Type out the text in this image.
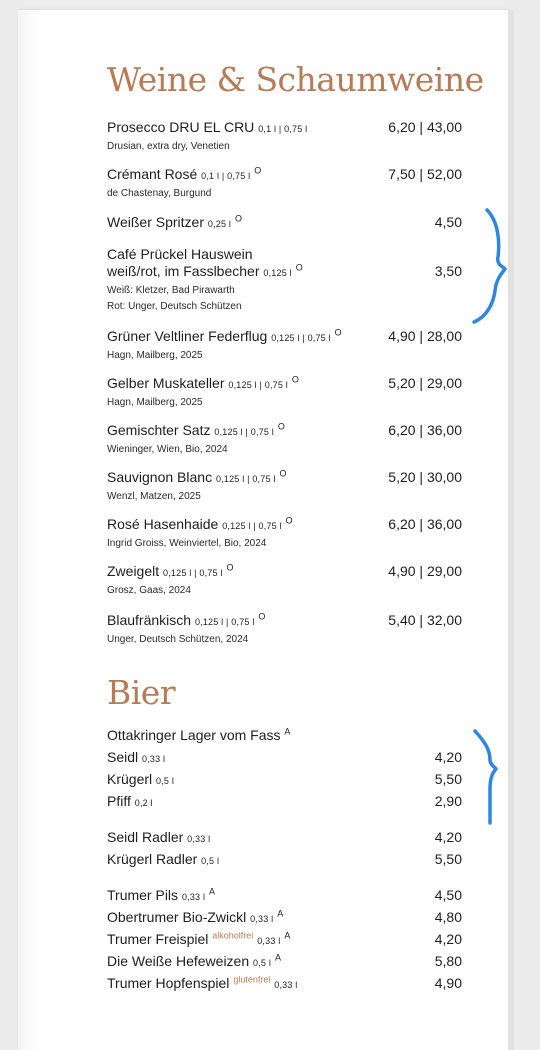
Weine & Schaumweine
Prosecco DRU EL CRU 0,1 l | 0,75 l	6,20 | 43,00
Drusian, extra dry, Venetien
Crémant Rosé 0,1 l | 0,75 l $^O$	7,50 | 52,00
de Chastenay, Burgund
Weißer Spritzer 0,25 l $^O$	4,50
Café Prückel Hauswein
weiß/rot, im Fasslbecher 0,125 l $^O$	3,50
Weiß: Kletzer, Bad Pirawarth
Rot: Unger, Deutsch Schützen
Grüner Veltliner Federflug 0,125 l | 0,75 l $^O$	4,90 | 28,00
Hagn, Mailberg, 2025
Gelber Muskateller 0,125 l | 0,75 l $^O$	5,20 | 29,00
Hagn, Mailberg, 2025
Gemischter Satz 0,125 l | 0,75 l $^O$	6,20 | 36,00
Wieninger, Wien, Bio, 2024
Sauvignon Blanc 0,125 l | 0,75 l $^O$	5,20 | 30,00
Wenzl, Matzen, 2025
Rosé Hasenhaide 0,125 l | 0,75 l $^O$	6,20 | 36,00
Ingrid Groiss, Weinviertel, Bio, 2024
Zweigelt 0,125 l | 0,75 l $^O$	4,90 | 29,00
Grosz, Gaas, 2024
Blaufränkisch 0,125 l | 0,75 l $^O$	5,40 | 32,00
Unger, Deutsch Schützen, 2024
Bier
Ottakringer Lager vom Fass $^A$
Seidl 0,33 l	4,20
Krügerl 0,5 l	5,50
Pfiff 0,2 l	2,90
Seidl Radler 0,33 l	4,20
Krügerl Radler 0,5 l	5,50
Trumer Pils 0,33 l $^A$	4,50
Obertrumer Bio-Zwickl 0,33 l $^A$	4,80
Trumer Freispiel $^{alkoholfrei}$ 0,33 l $^A$	4,20
Die Weiße Hefeweizen 0,5 l $^A$	5,80
Trumer Hopfenspiel $^{glutenfrei}$ 0,33 l	4,90
